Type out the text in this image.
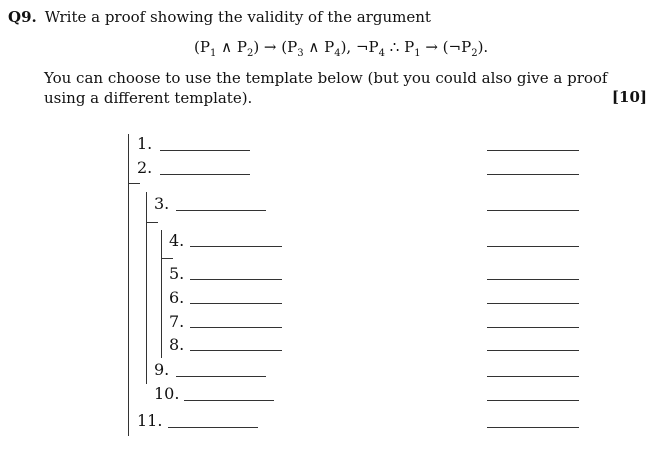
Q9. Write a proof showing the validity of the argument
($P_1$ ∧ $P_2) \to (P_3$ ∧ $P_4$), $\neg P_4$ ∴ $P_1$ → $(\neg P_2)$.
You can choose to use the template below (but you could also give a proof using a different template).	[10]
1.
2.
3.
4.
5.
6.
7.
8.
9.
10.
11.
